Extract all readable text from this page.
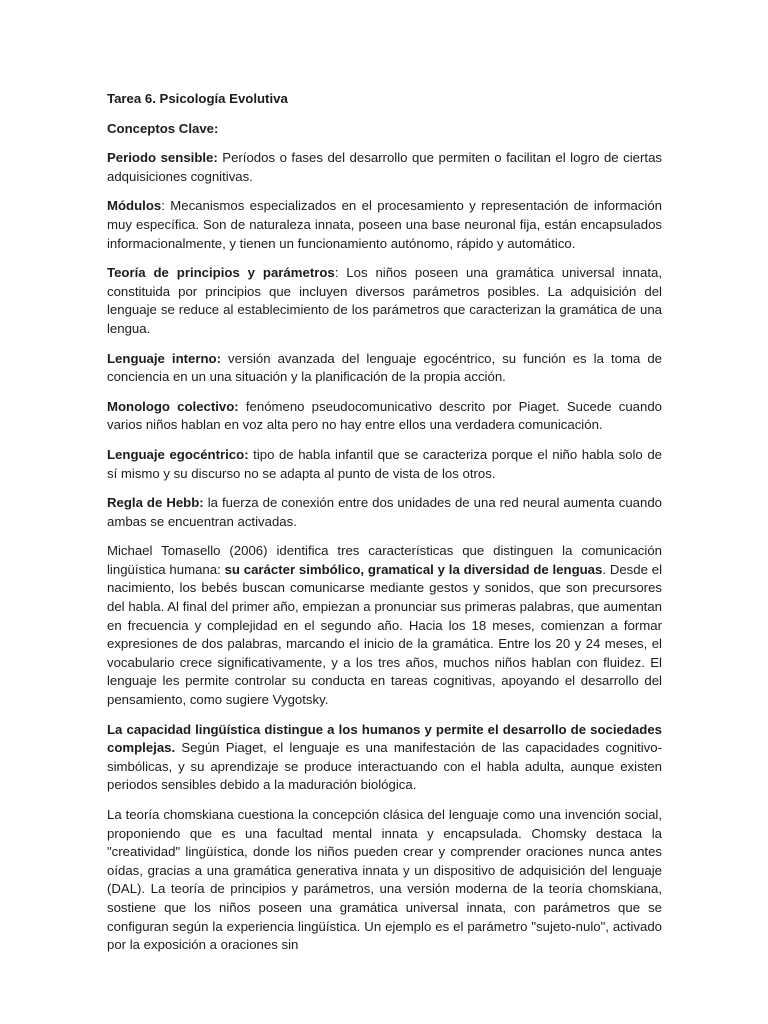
Tarea 6. Psicología Evolutiva
Conceptos Clave:

Periodo sensible: Períodos o fases del desarrollo que permiten o facilitan el logro de ciertas adquisiciones cognitivas.

Módulos: Mecanismos especializados en el procesamiento y representación de información muy específica. Son de naturaleza innata, poseen una base neuronal fija, están encapsulados informacionalmente, y tienen un funcionamiento autónomo, rápido y automático.

Teoría de principios y parámetros: Los niños poseen una gramática universal innata, constituida por principios que incluyen diversos parámetros posibles. La adquisición del lenguaje se reduce al establecimiento de los parámetros que caracterizan la gramática de una lengua.

Lenguaje interno: versión avanzada del lenguaje egocéntrico, su función es la toma de conciencia en un una situación y la planificación de la propia acción.

Monologo colectivo: fenómeno pseudocomunicativo descrito por Piaget. Sucede cuando varios niños hablan en voz alta pero no hay entre ellos una verdadera comunicación.

Lenguaje egocéntrico: tipo de habla infantil que se caracteriza porque el niño habla solo de sí mismo y su discurso no se adapta al punto de vista de los otros.

Regla de Hebb: la fuerza de conexión entre dos unidades de una red neural aumenta cuando ambas se encuentran activadas.

Michael Tomasello (2006) identifica tres características que distinguen la comunicación lingüística humana: su carácter simbólico, gramatical y la diversidad de lenguas. Desde el nacimiento, los bebés buscan comunicarse mediante gestos y sonidos, que son precursores del habla. Al final del primer año, empiezan a pronunciar sus primeras palabras, que aumentan en frecuencia y complejidad en el segundo año. Hacia los 18 meses, comienzan a formar expresiones de dos palabras, marcando el inicio de la gramática. Entre los 20 y 24 meses, el vocabulario crece significativamente, y a los tres años, muchos niños hablan con fluidez. El lenguaje les permite controlar su conducta en tareas cognitivas, apoyando el desarrollo del pensamiento, como sugiere Vygotsky.

La capacidad lingüística distingue a los humanos y permite el desarrollo de sociedades complejas. Según Piaget, el lenguaje es una manifestación de las capacidades cognitivo-simbólicas, y su aprendizaje se produce interactuando con el habla adulta, aunque existen periodos sensibles debido a la maduración biológica.

La teoría chomskiana cuestiona la concepción clásica del lenguaje como una invención social, proponiendo que es una facultad mental innata y encapsulada. Chomsky destaca la "creatividad" lingüística, donde los niños pueden crear y comprender oraciones nunca antes oídas, gracias a una gramática generativa innata y un dispositivo de adquisición del lenguaje (DAL). La teoría de principios y parámetros, una versión moderna de la teoría chomskiana, sostiene que los niños poseen una gramática universal innata, con parámetros que se configuran según la experiencia lingüística. Un ejemplo es el parámetro "sujeto-nulo", activado por la exposición a oraciones sin
